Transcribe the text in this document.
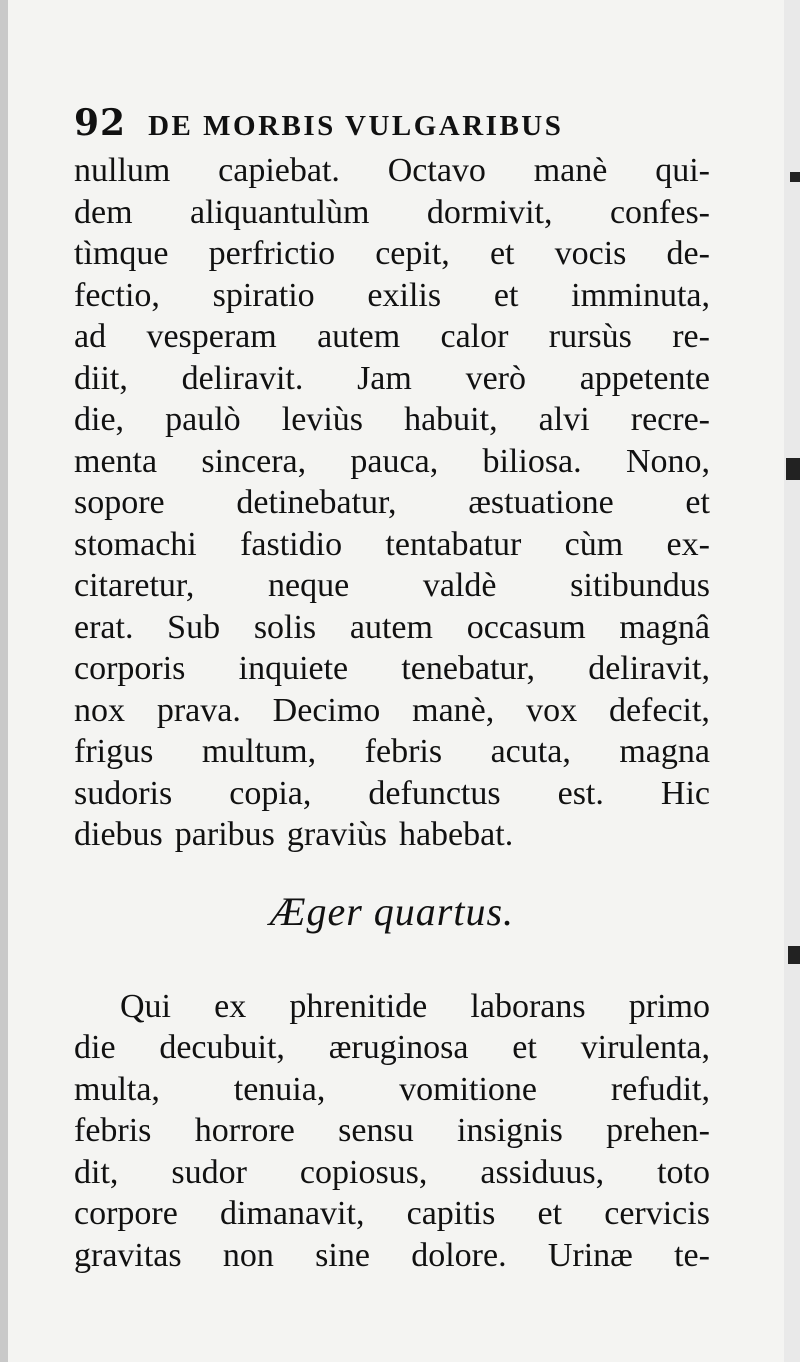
92 DE MORBIS VULGARIBUS
nullum capiebat. Octavo manè qui-
dem aliquantulùm dormivit, confes-
tìmque perfrictio cepit, et vocis de-
fectio, spiratio exilis et imminuta,
ad vesperam autem calor rursùs re-
diit, deliravit. Jam verò appetente
die, paulò leviùs habuit, alvi recre-
menta sincera, pauca, biliosa. Nono,
sopore detinebatur, æstuatione et
stomachi fastidio tentabatur cùm ex-
citaretur, neque valdè sitibundus
erat. Sub solis autem occasum magnâ
corporis inquiete tenebatur, deliravit,
nox prava. Decimo manè, vox defecit,
frigus multum, febris acuta, magna
sudoris copia, defunctus est. Hic
diebus paribus graviùs habebat.
Æger quartus.
Qui ex phrenitide laborans primo
die decubuit, æruginosa et virulenta,
multa, tenuia, vomitione refudit,
febris horrore sensu insignis prehen-
dit, sudor copiosus, assiduus, toto
corpore dimanavit, capitis et cervicis
gravitas non sine dolore. Urinæ te-
